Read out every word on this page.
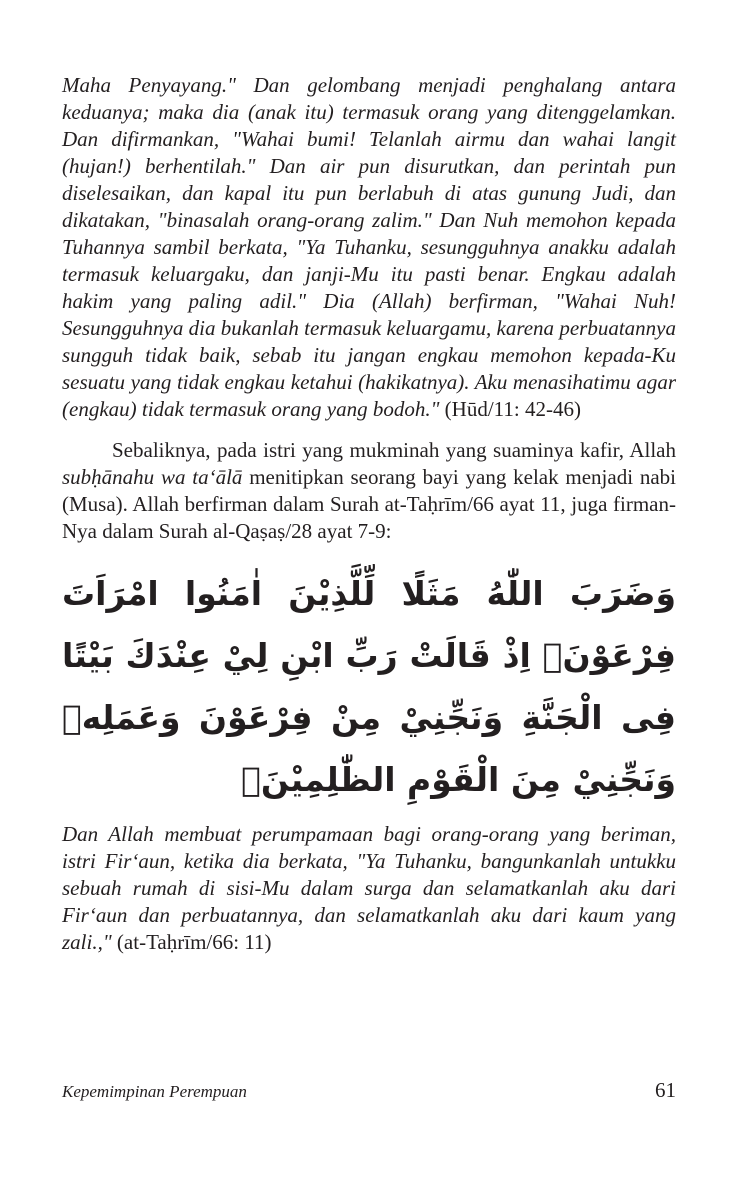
Maha Penyayang." Dan gelombang menjadi penghalang antara keduanya; maka dia (anak itu) termasuk orang yang ditenggelamkan. Dan difirmankan, "Wahai bumi! Telanlah airmu dan wahai langit (hujan!) berhentilah." Dan air pun disurutkan, dan perintah pun diselesaikan, dan kapal itu pun berlabuh di atas gunung Judi, dan dikatakan, "binasalah orang-orang zalim." Dan Nuh memohon kepada Tuhannya sambil berkata, "Ya Tuhanku, sesungguhnya anakku adalah termasuk keluargaku, dan janji-Mu itu pasti benar. Engkau adalah hakim yang paling adil." Dia (Allah) berfirman, "Wahai Nuh! Sesungguhnya dia bukanlah termasuk keluargamu, karena perbuatannya sungguh tidak baik, sebab itu jangan engkau memohon kepada-Ku sesuatu yang tidak engkau ketahui (hakikatnya). Aku menasihatimu agar (engkau) tidak termasuk orang yang bodoh." (Hūd/11: 42-46)

Sebaliknya, pada istri yang mukminah yang suaminya kafir, Allah subḥānahu wa ta‘ālā menitipkan seorang bayi yang kelak menjadi nabi (Musa). Allah berfirman dalam Surah at-Taḥrīm/66 ayat 11, juga firman-Nya dalam Surah al-Qaṣaṣ/28 ayat 7-9:

وَضَرَبَ اللّٰهُ مَثَلًا لِّلَّذِيْنَ اٰمَنُوا امْرَاَتَ فِرْعَوْنَۘ اِذْ قَالَتْ رَبِّ ابْنِ لِيْ عِنْدَكَ بَيْتًا فِى الْجَنَّةِ وَنَجِّنِيْ مِنْ فِرْعَوْنَ وَعَمَلِهٖ وَنَجِّنِيْ مِنَ الْقَوْمِ الظّٰلِمِيْنَۙ

Dan Allah membuat perumpamaan bagi orang-orang yang beriman, istri Fir‘aun, ketika dia berkata, "Ya Tuhanku, bangunkanlah untukku sebuah rumah di sisi-Mu dalam surga dan selamatkanlah aku dari Fir‘aun dan perbuatannya, dan selamatkanlah aku dari kaum yang zali.," (at-Taḥrīm/66: 11)

Kepemimpinan Perempuan	61
